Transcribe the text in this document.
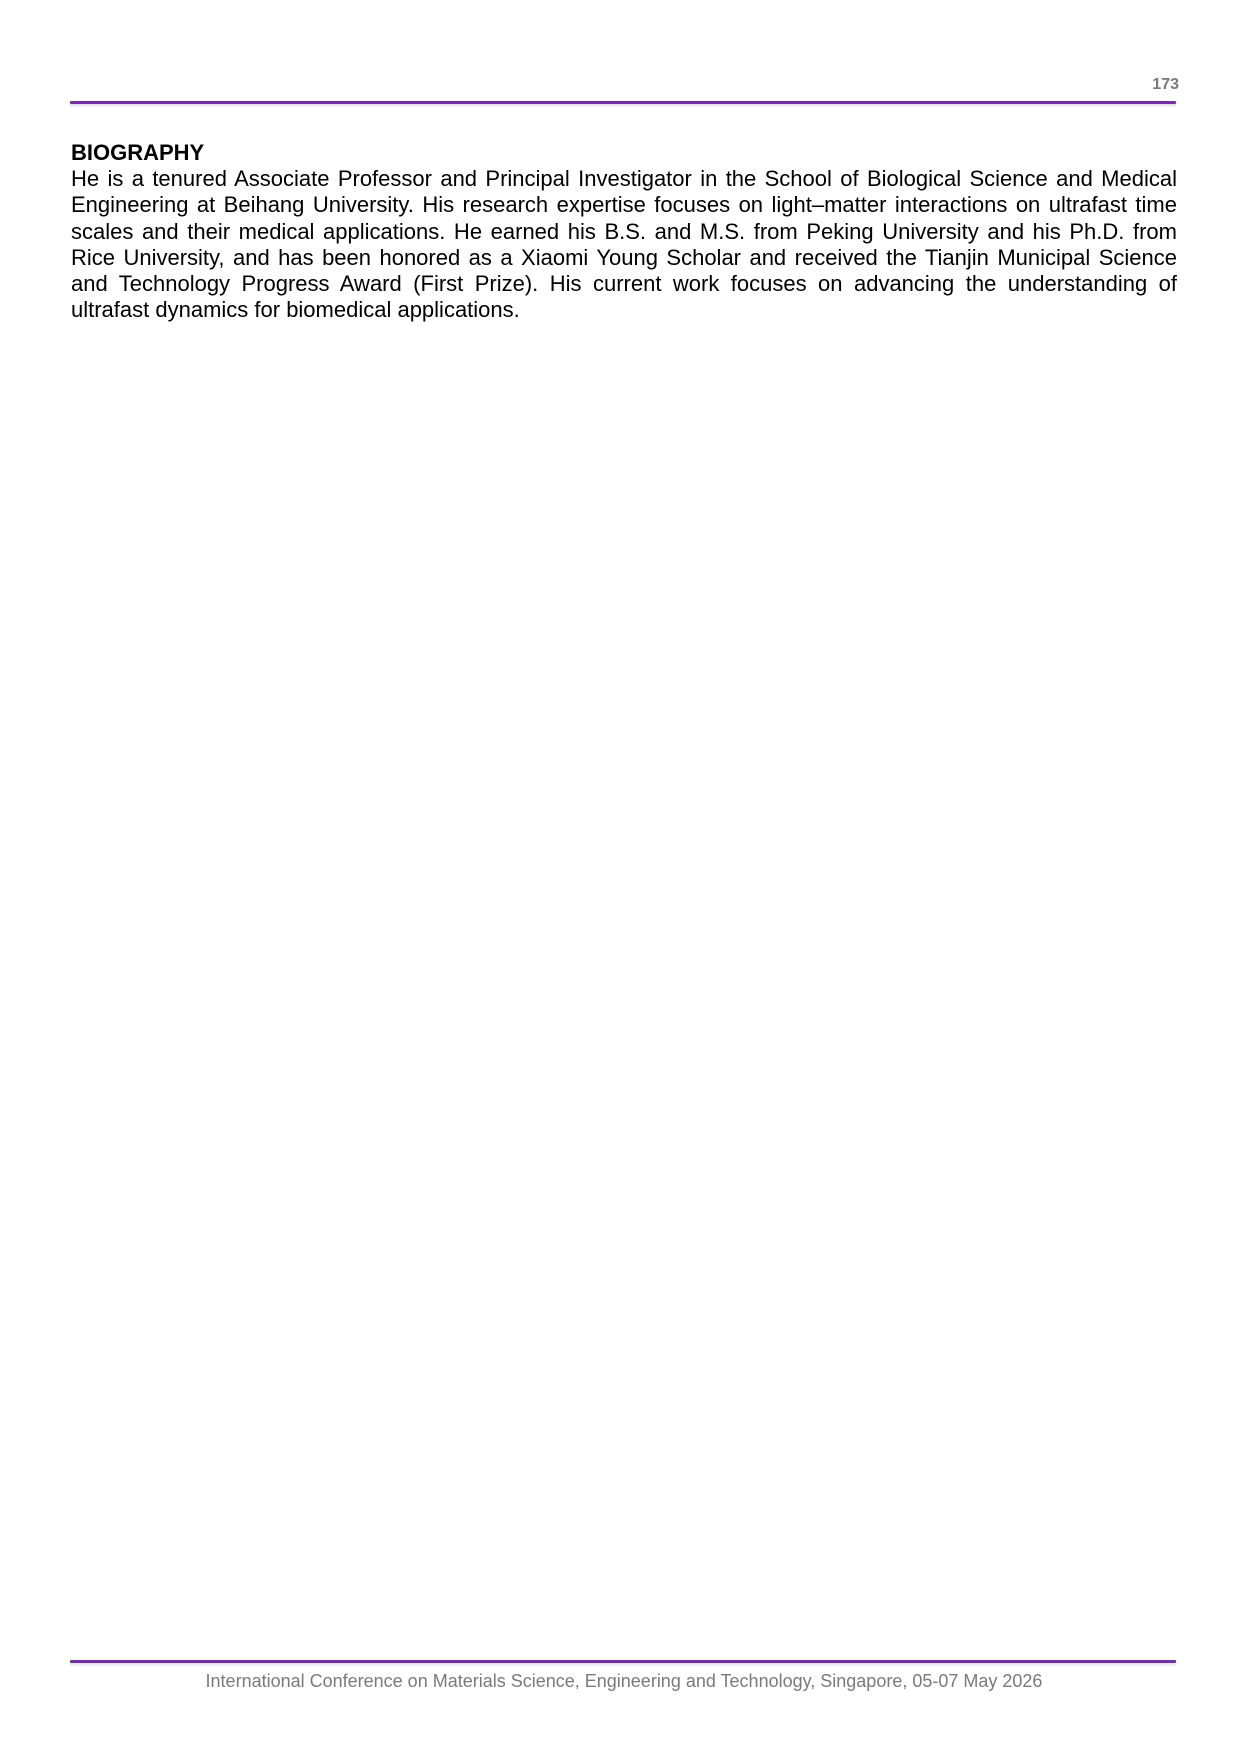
173

BIOGRAPHY

He is a tenured Associate Professor and Principal Investigator in the School of Biological Science and Medical Engineering at Beihang University. His research expertise focuses on light–matter interactions on ultrafast time scales and their medical applications. He earned his B.S. and M.S. from Peking University and his Ph.D. from Rice University, and has been honored as a Xiaomi Young Scholar and received the Tianjin Municipal Science and Technology Progress Award (First Prize). His current work focuses on advancing the understanding of ultrafast dynamics for biomedical applications.

International Conference on Materials Science, Engineering and Technology, Singapore, 05-07 May 2026
